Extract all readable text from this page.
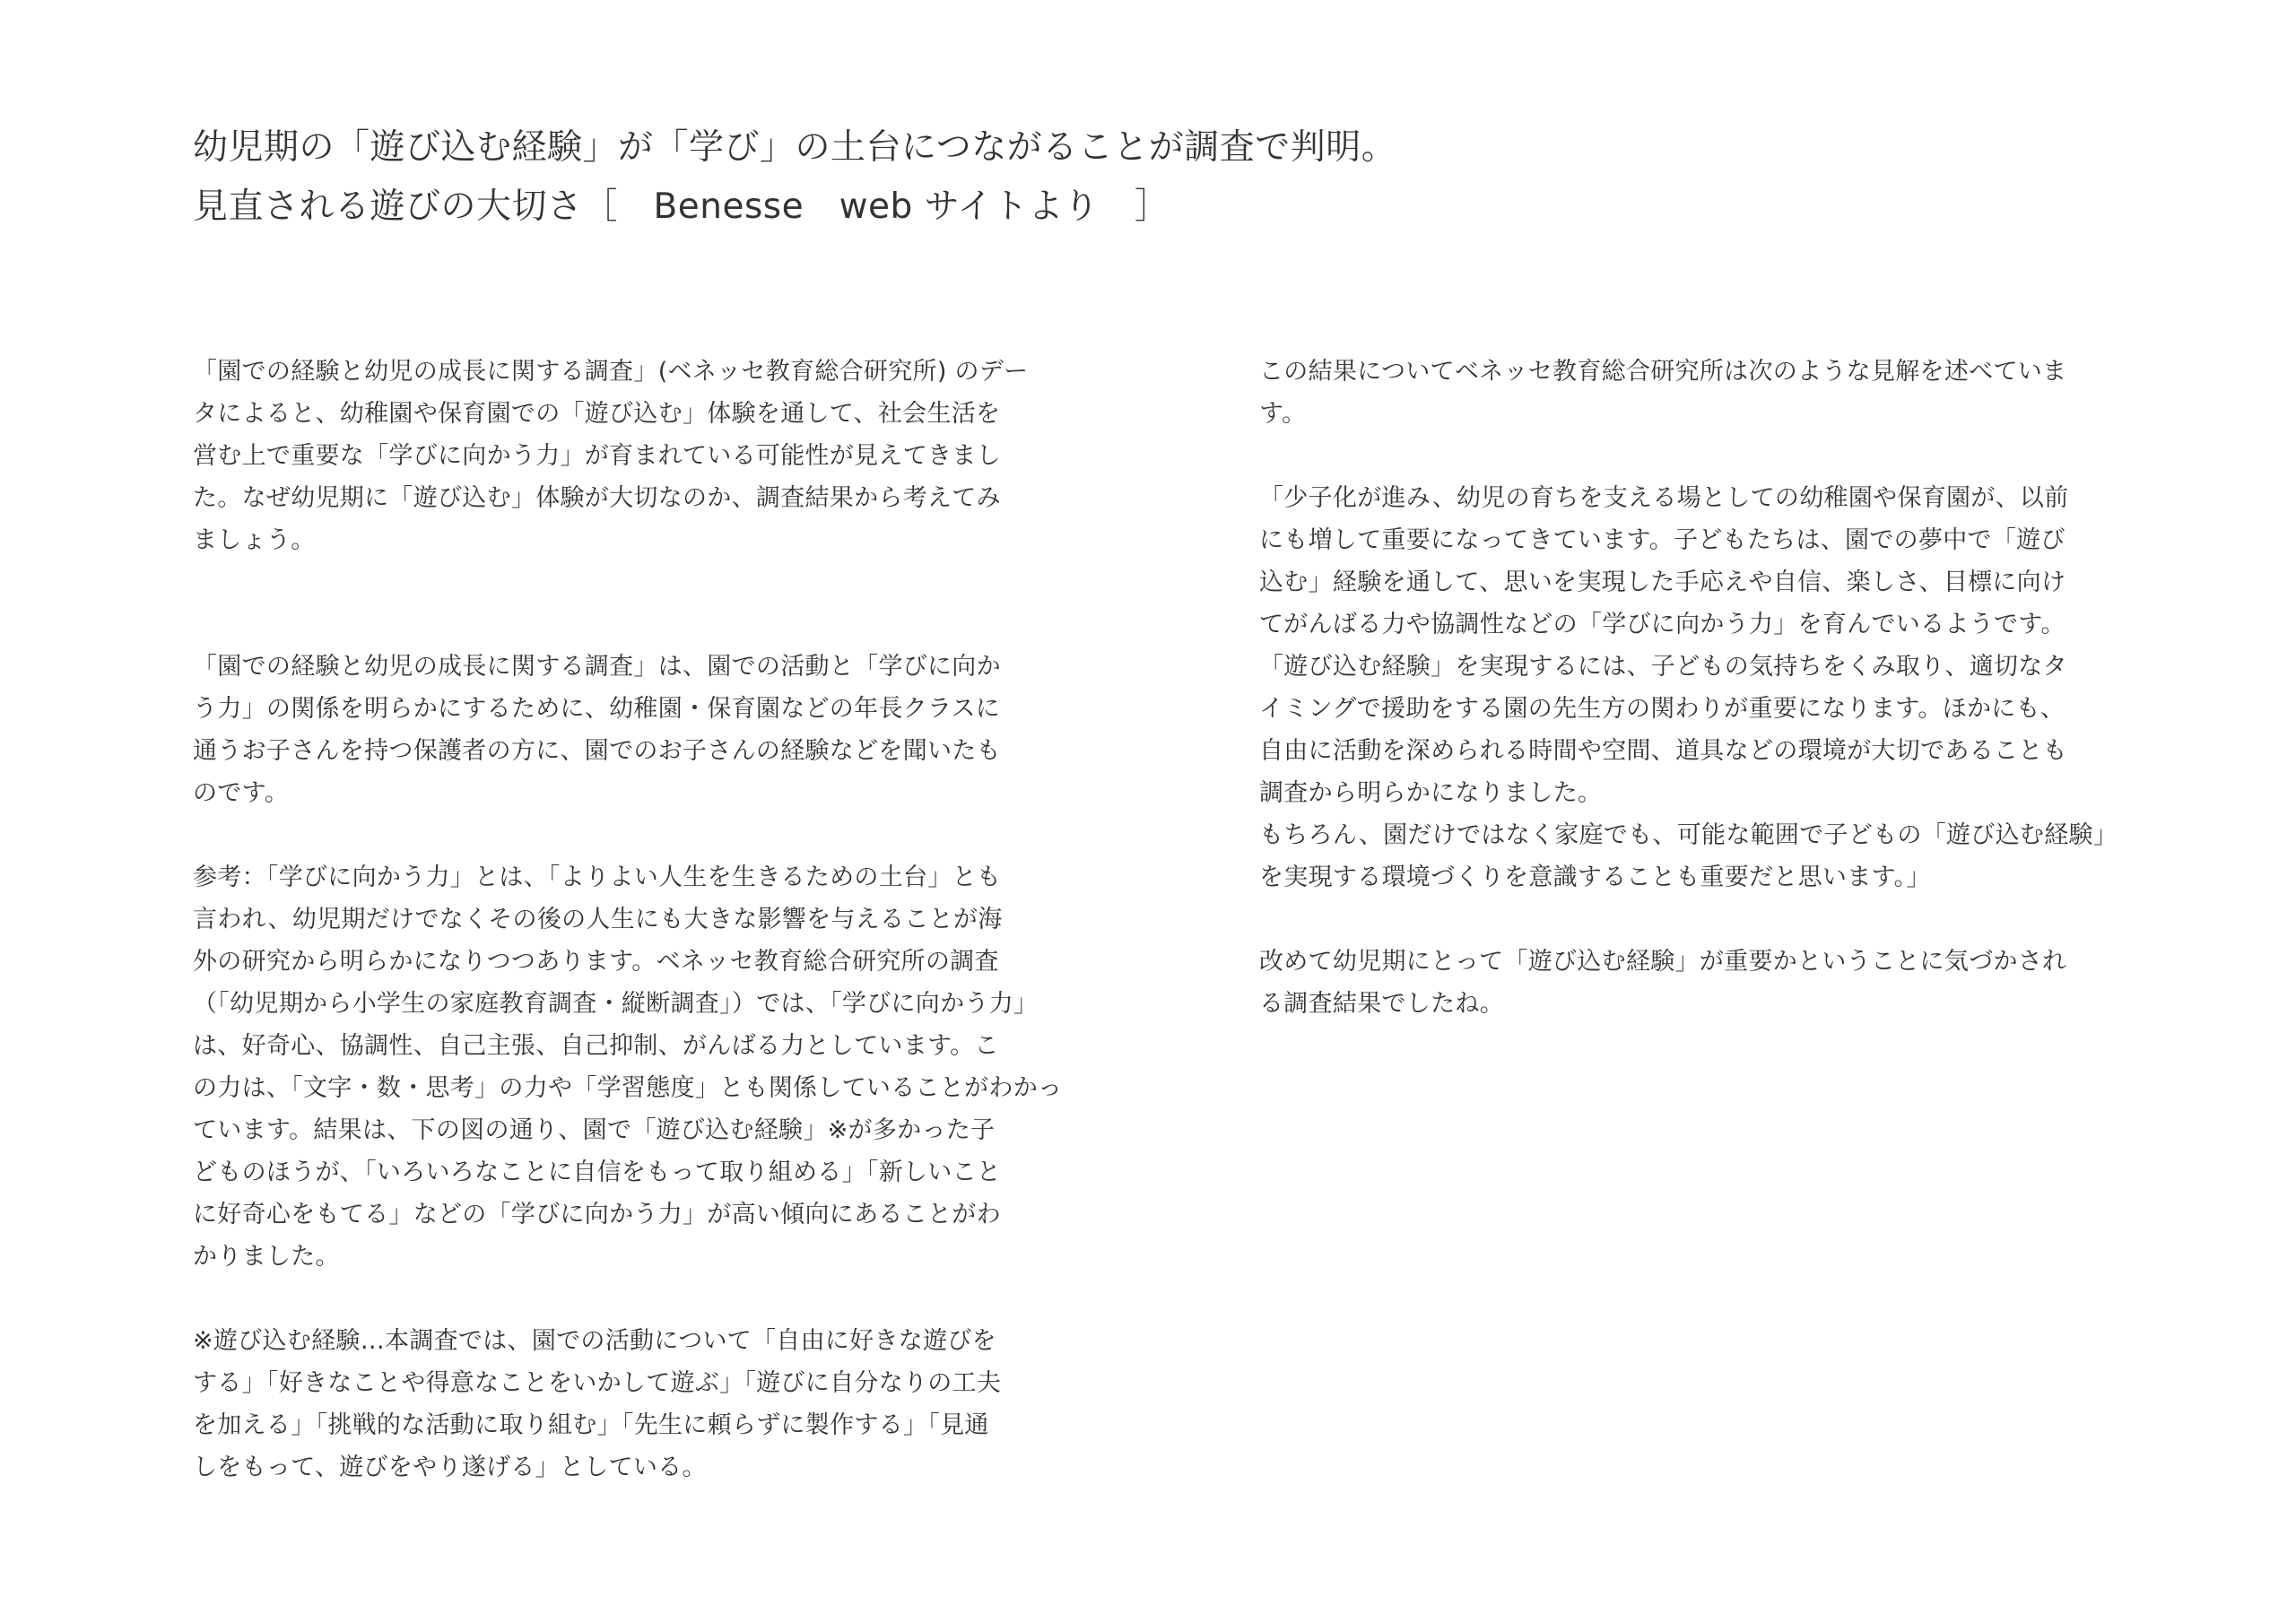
幼児期の「遊び込む経験」が「学び」の土台につながることが調査で判明。
見直される遊びの大切さ［　Benesse　web サイトより　］
「園での経験と幼児の成長に関する調査」(ベネッセ教育総合研究所) のデー
タによると、幼稚園や保育園での「遊び込む」体験を通して、社会生活を
営む上で重要な「学びに向かう力」が育まれている可能性が見えてきまし
た。なぜ幼児期に「遊び込む」体験が大切なのか、調査結果から考えてみ
ましょう。
「園での経験と幼児の成長に関する調査」は、園での活動と「学びに向か
う力」の関係を明らかにするために、幼稚園・保育園などの年長クラスに
通うお子さんを持つ保護者の方に、園でのお子さんの経験などを聞いたも
のです。
参考：「学びに向かう力」とは、「よりよい人生を生きるための土台」とも
言われ、幼児期だけでなくその後の人生にも大きな影響を与えることが海
外の研究から明らかになりつつあります。ベネッセ教育総合研究所の調査
（「幼児期から小学生の家庭教育調査・縦断調査」）では、「学びに向かう力」
は、好奇心、協調性、自己主張、自己抑制、がんばる力としています。こ
の力は、「文字・数・思考」の力や「学習態度」とも関係していることがわかっ
ています。結果は、下の図の通り、園で「遊び込む経験」※が多かった子
どものほうが、「いろいろなことに自信をもって取り組める」「新しいこと
に好奇心をもてる」などの「学びに向かう力」が高い傾向にあることがわ
かりました。
※遊び込む経験…本調査では、園での活動について「自由に好きな遊びを
する」「好きなことや得意なことをいかして遊ぶ」「遊びに自分なりの工夫
を加える」「挑戦的な活動に取り組む」「先生に頼らずに製作する」「見通
しをもって、遊びをやり遂げる」としている。
この結果についてベネッセ教育総合研究所は次のような見解を述べていま
す。
「少子化が進み、幼児の育ちを支える場としての幼稚園や保育園が、以前
にも増して重要になってきています。子どもたちは、園での夢中で「遊び
込む」経験を通して、思いを実現した手応えや自信、楽しさ、目標に向け
てがんばる力や協調性などの「学びに向かう力」を育んでいるようです。
「遊び込む経験」を実現するには、子どもの気持ちをくみ取り、適切なタ
イミングで援助をする園の先生方の関わりが重要になります。ほかにも、
自由に活動を深められる時間や空間、道具などの環境が大切であることも
調査から明らかになりました。
もちろん、園だけではなく家庭でも、可能な範囲で子どもの「遊び込む経験」
を実現する環境づくりを意識することも重要だと思います。」
改めて幼児期にとって「遊び込む経験」が重要かということに気づかされ
る調査結果でしたね。
